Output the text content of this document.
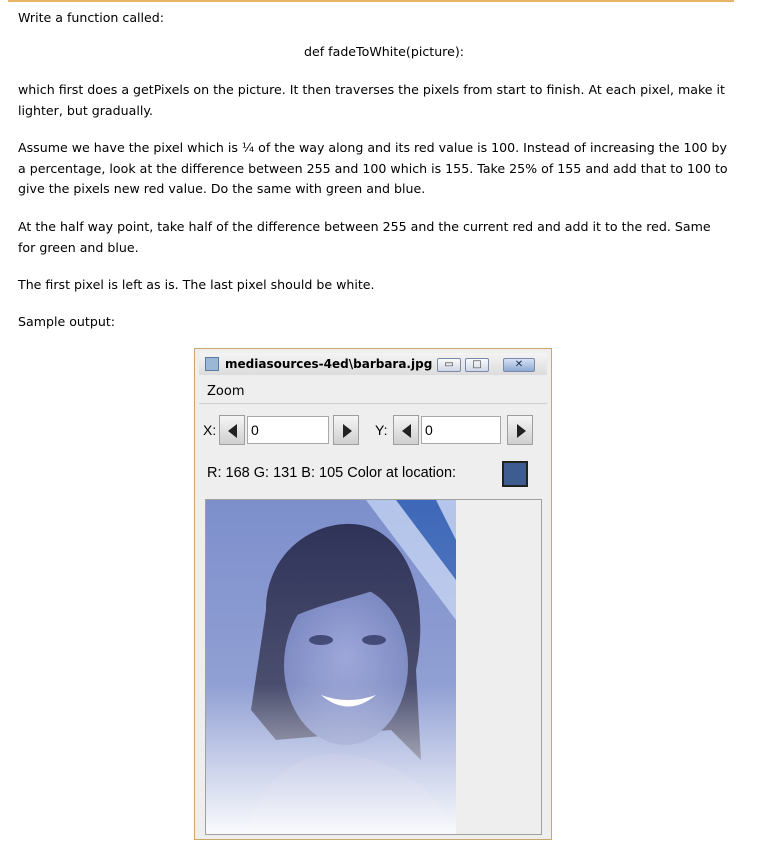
Write a function called:
def fadeToWhite(picture):
which first does a getPixels on the picture. It then traverses the pixels from start to finish. At each pixel, make it lighter, but gradually.
Assume we have the pixel which is ¼ of the way along and its red value is 100. Instead of increasing the 100 by a percentage, look at the difference between 255 and 100 which is 155. Take 25% of 155 and add that to 100 to give the pixels new red value. Do the same with green and blue.
At the half way point, take half of the difference between 255 and the current red and add it to the red. Same for green and blue.
The first pixel is left as is. The last pixel should be white.
Sample output:
mediasources-4ed\barbara.jpg	▭	□	✕
Zoom
X: 0	Y:	0
R: 168 G: 131 B: 105 Color at location:
